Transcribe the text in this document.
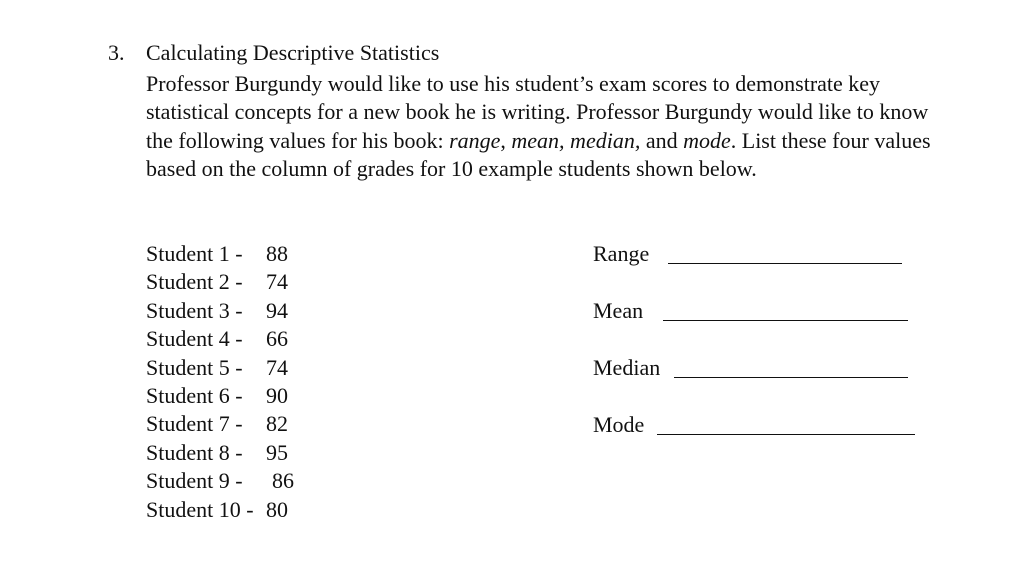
3. Calculating Descriptive Statistics
Professor Burgundy would like to use his student’s exam scores to demonstrate key statistical concepts for a new book he is writing. Professor Burgundy would like to know the following values for his book: range, mean, median, and mode. List these four values based on the column of grades for 10 example students shown below.
Student 1 - 88
Student 2 - 74
Student 3 - 94
Student 4 - 66
Student 5 - 74
Student 6 - 90
Student 7 - 82
Student 8 - 95
Student 9 - 86
Student 10 - 80
Range
Mean
Median
Mode
